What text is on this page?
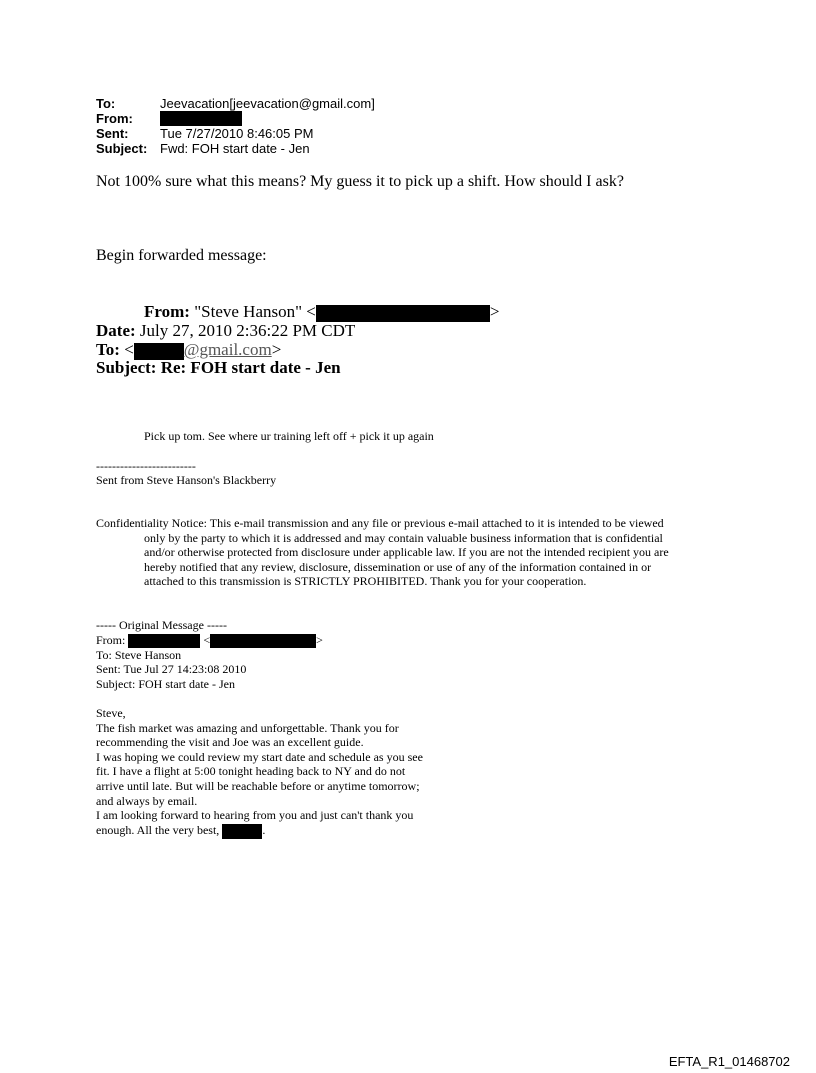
To:	Jeevacation[jeevacation@gmail.com]
From:
Sent:	Tue 7/27/2010 8:46:05 PM
Subject: Fwd: FOH start date - Jen
Not 100% sure what this means? My guess it to pick up a shift. How should I ask?
Begin forwarded message:
From: "Steve Hanson" <	>
Date: July 27, 2010 2:36:22 PM CDT
To: <	@gmail.com>
Subject: Re: FOH start date - Jen
Pick up tom. See where ur training left off + pick it up again
-------------------------
Sent from Steve Hanson's Blackberry

Confidentiality Notice: This e-mail transmission and any file or previous e-mail attached to it is intended to be viewed only by the party to which it is addressed and may contain valuable business information that is confidential and/or otherwise protected from disclosure under applicable law. If you are not the intended recipient you are hereby notified that any review, disclosure, dissemination or use of any of the information contained in or attached to this transmission is STRICTLY PROHIBITED. Thank you for your cooperation.

----- Original Message -----
From:	<	>
To: Steve Hanson
Sent: Tue Jul 27 14:23:08 2010
Subject: FOH start date - Jen
Steve,
The fish market was amazing and unforgettable. Thank you for
recommending the visit and Joe was an excellent guide.
I was hoping we could review my start date and schedule as you see
fit. I have a flight at 5:00 tonight heading back to NY and do not
arrive until late. But will be reachable before or anytime tomorrow;
and always by email.
I am looking forward to hearing from you and just can't thank you
enough. All the very best,	.
EFTA_R1_01468702
